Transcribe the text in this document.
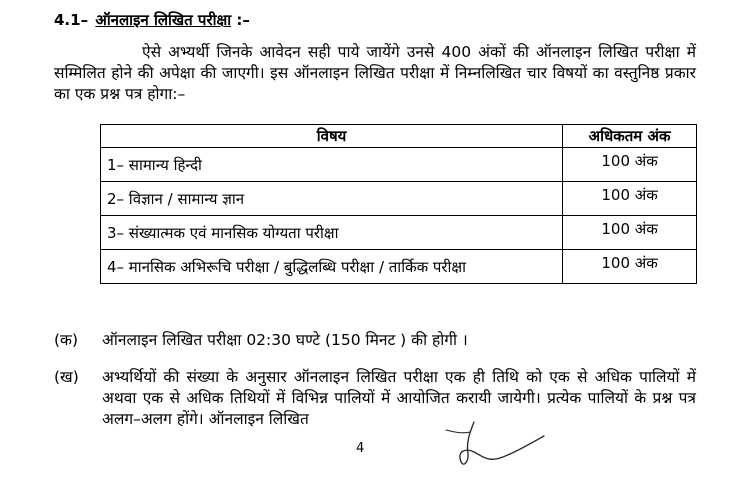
4.1– ऑनलाइन लिखित परीक्षा :–
ऐसे अभ्यर्थी जिनके आवेदन सही पाये जायेंगे उनसे 400 अंकों की ऑनलाइन लिखित परीक्षा में सम्मिलित होने की अपेक्षा की जाएगी। इस ऑनलाइन लिखित परीक्षा में निम्नलिखित चार विषयों का वस्तुनिष्ठ प्रकार का एक प्रश्न पत्र होगा:–
विषय	अधिकतम अंक
1– सामान्य हिन्दी	100 अंक
2– विज्ञान / सामान्य ज्ञान	100 अंक
3– संख्यात्मक एवं मानसिक योग्यता परीक्षा	100 अंक
4– मानसिक अभिरूचि परीक्षा / बुद्धिलब्धि परीक्षा / तार्किक परीक्षा	100 अंक
(क) ऑनलाइन लिखित परीक्षा 02:30 घण्टे (150 मिनट ) की होगी ।
(ख) अभ्यर्थियों की संख्या के अनुसार ऑनलाइन लिखित परीक्षा एक ही तिथि को एक से अधिक पालियों में अथवा एक से अधिक तिथियों में विभिन्न पालियों में आयोजित करायी जायेगी। प्रत्येक पालियों के प्रश्न पत्र अलग–अलग होंगे। ऑनलाइन लिखित
4
